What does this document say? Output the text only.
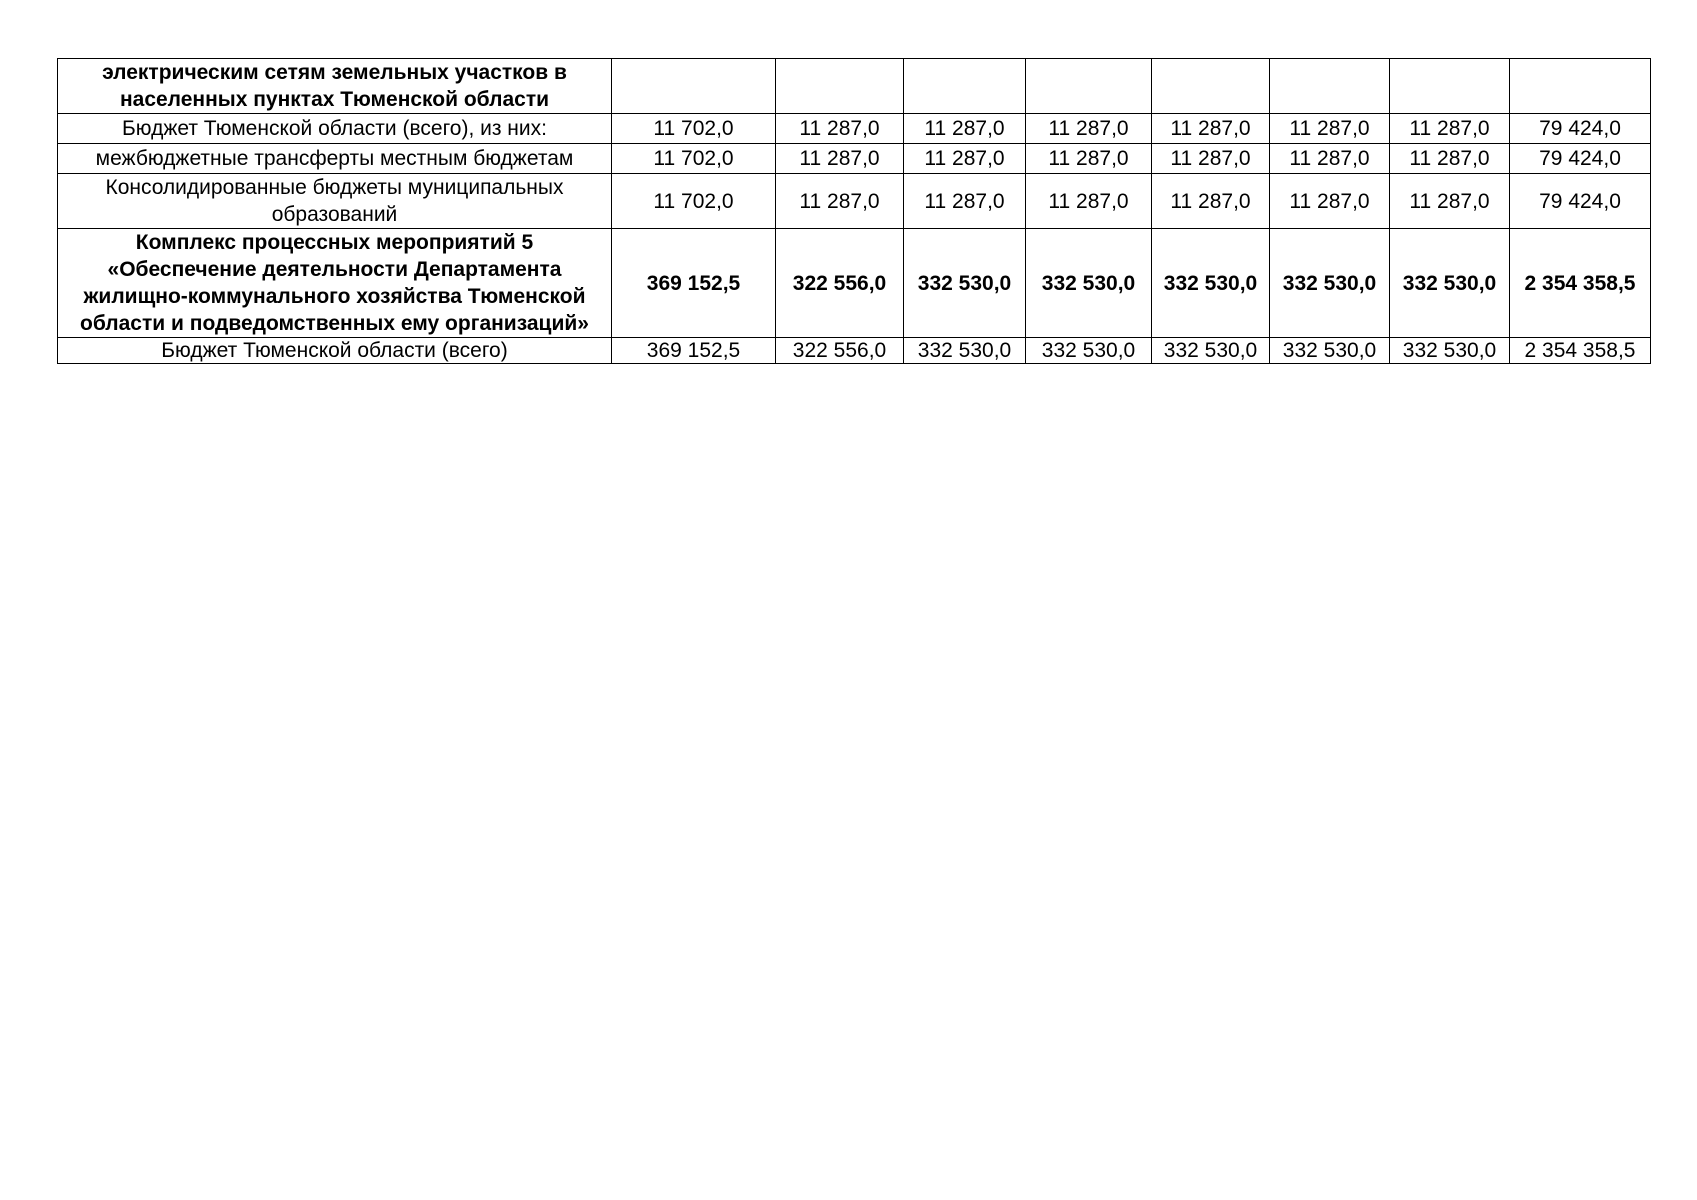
электрическим сетям земельных участков в населенных пунктах Тюменской области								
Бюджет Тюменской области (всего), из них:	11 702,0	11 287,0	11 287,0	11 287,0	11 287,0	11 287,0	11 287,0	79 424,0
межбюджетные трансферты местным бюджетам	11 702,0	11 287,0	11 287,0	11 287,0	11 287,0	11 287,0	11 287,0	79 424,0
Консолидированные бюджеты муниципальных образований	11 702,0	11 287,0	11 287,0	11 287,0	11 287,0	11 287,0	11 287,0	79 424,0
Комплекс процессных мероприятий 5 «Обеспечение деятельности Департамента жилищно-коммунального хозяйства Тюменской области и подведомственных ему организаций»	369 152,5	322 556,0	332 530,0	332 530,0	332 530,0	332 530,0	332 530,0	2 354 358,5
Бюджет Тюменской области (всего)	369 152,5	322 556,0	332 530,0	332 530,0	332 530,0	332 530,0	332 530,0	2 354 358,5
